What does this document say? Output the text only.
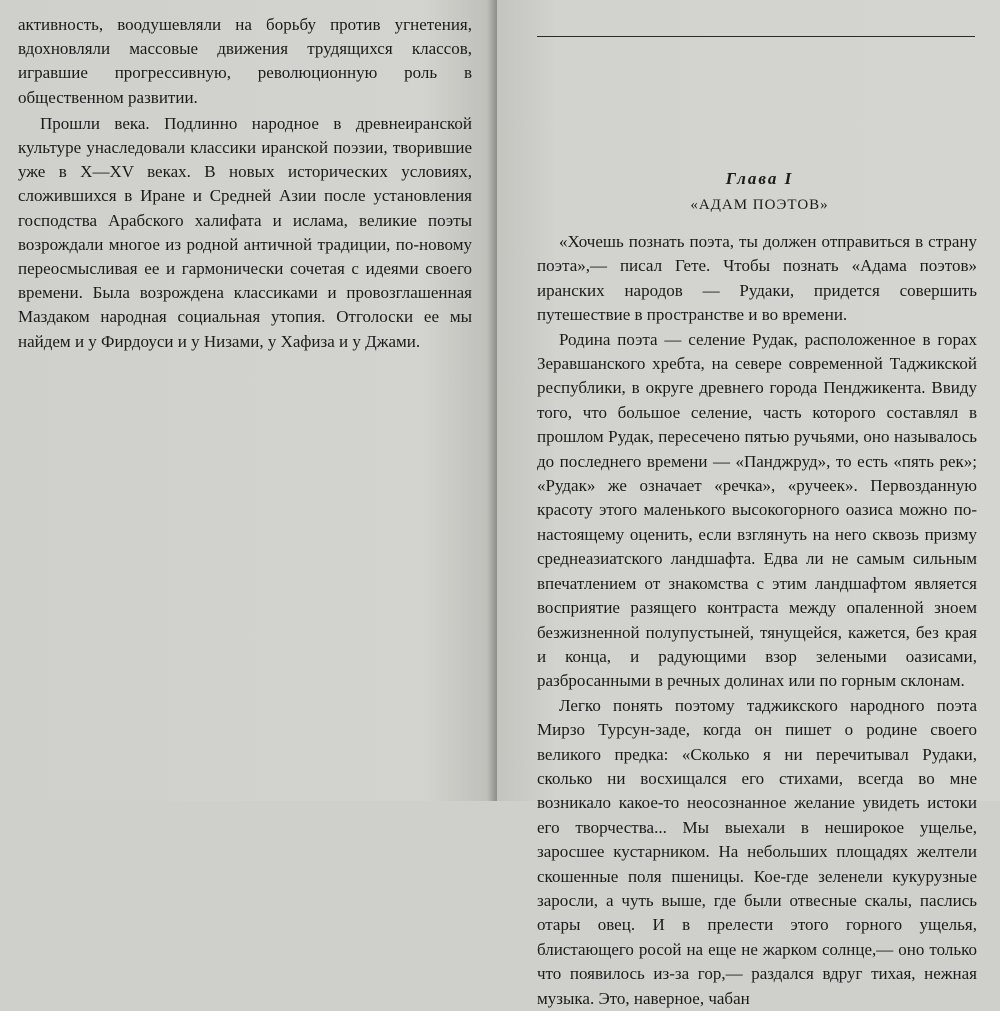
активность, воодушевляли на борьбу против угнетения, вдохновляли массовые движения трудящихся классов, игравшие прогрессивную, революционную роль в общественном развитии.

Прошли века. Подлинно народное в древнеиранской культуре унаследовали классики иранской поэзии, творившие уже в X—XV веках. В новых исторических условиях, сложившихся в Иране и Средней Азии после установления господства Арабского халифата и ислама, великие поэты возрождали многое из родной античной традиции, по-новому переосмысливая ее и гармонически сочетая с идеями своего времени. Была возрождена классиками и провозглашенная Маздаком народная социальная утопия. Отголоски ее мы найдем и у Фирдоуси и у Низами, у Хафиза и у Джами.

Глава I
«АДАМ ПОЭТОВ»

«Хочешь познать поэта, ты должен отправиться в страну поэта»,— писал Гете. Чтобы познать «Адама поэтов» иранских народов — Рудаки, придется совершить путешествие в пространстве и во времени.

Родина поэта — селение Рудак, расположенное в горах Зеравшанского хребта, на севере современной Таджикской республики, в округе древнего города Пенджикента. Ввиду того, что большое селение, часть которого составлял в прошлом Рудак, пересечено пятью ручьями, оно называлось до последнего времени — «Панджруд», то есть «пять рек»; «Рудак» же означает «речка», «ручеек». Первозданную красоту этого маленького высокогорного оазиса можно по-настоящему оценить, если взглянуть на него сквозь призму среднеазиатского ландшафта. Едва ли не самым сильным впечатлением от знакомства с этим ландшафтом является восприятие разящего контраста между опаленной зноем безжизненной полупустыней, тянущейся, кажется, без края и конца, и радующими взор зелеными оазисами, разбросанными в речных долинах или по горным склонам.

Легко понять поэтому таджикского народного поэта Мирзо Турсун-заде, когда он пишет о родине своего великого предка: «Сколько я ни перечитывал Рудаки, сколько ни восхищался его стихами, всегда во мне возникало какое-то неосознанное желание увидеть истоки его творчества... Мы выехали в неширокое ущелье, заросшее кустарником. На небольших площадях желтели скошенные поля пшеницы. Кое-где зеленели кукурузные заросли, а чуть выше, где были отвесные скалы, паслись отары овец. И в прелести этого горного ущелья, блистающего росой на еще не жарком солнце,— оно только что появилось из-за гор,— раздался вдруг тихая, нежная музыка. Это, наверное, чабан
